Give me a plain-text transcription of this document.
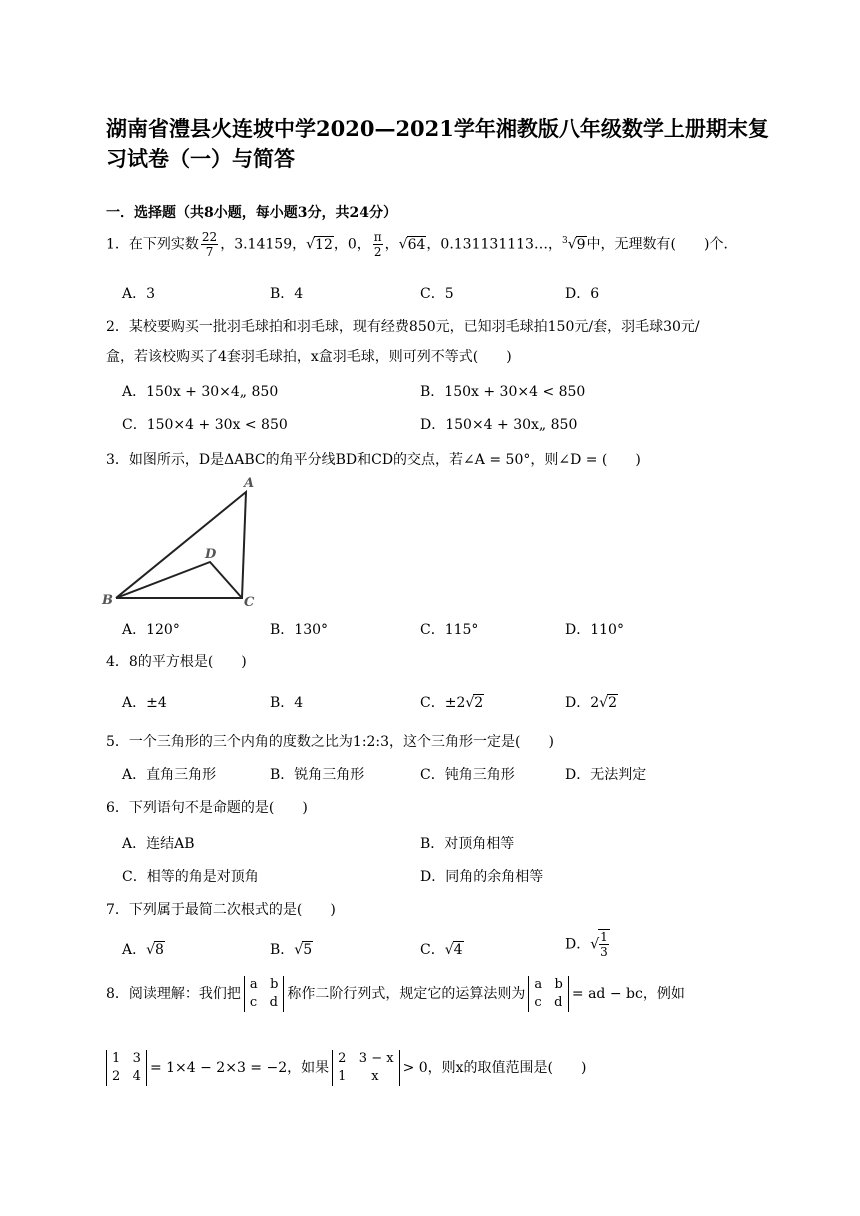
湖南省澧县火连坡中学2020—2021学年湘教版八年级数学上册期末复习试卷（一）与简答
一．选择题（共8小题，每小题3分，共24分）
1．在下列实数 $\frac{22}{7}$ ，3.14159，√12，0， $\frac{\pi}{2}$ ，√64，0.131131113…，$^3$√9中，无理数有(　　)个．
A．3	B．4	C．5	D．6
2．某校要购买一批羽毛球拍和羽毛球，现有经费850元，已知羽毛球拍150元/套，羽毛球30元/
盒，若该校购买了4套羽毛球拍，x盒羽毛球，则可列不等式(　　)
A．150x + 30×4„ 850	B．150x + 30×4 < 850
C．150×4 + 30x < 850	D．150×4 + 30x„ 850
3．如图所示，D是ΔABC的角平分线BD和CD的交点，若∠A = 50°，则∠D = (　　)
A
B	C
D
A．120°	B．130°	C．115°	D．110°
4．8的平方根是(　　)
A．±4	B．4	C．±2√2	D．2√2
5．一个三角形的三个内角的度数之比为1:2:3，这个三角形一定是(　　)
A．直角三角形	B．锐角三角形	C．钝角三角形	D．无法判定
6．下列语句不是命题的是(　　)
A．连结AB	B．对顶角相等
C．相等的角是对顶角	D．同角的余角相等
7．下列属于最简二次根式的是(　　)
A．√8	B．√5	C．√4	D．√ $\frac{1}{3}$
8．阅读理解：我们把
a   b
c   d
称作二阶行列式，规定它的运算法则为
a   b
c   d
= ad − bc，例如
1   3
2   4
= 1×4 − 2×3 = −2，如果
2   3 − x
1      x
> 0，则x的取值范围是(　　)
